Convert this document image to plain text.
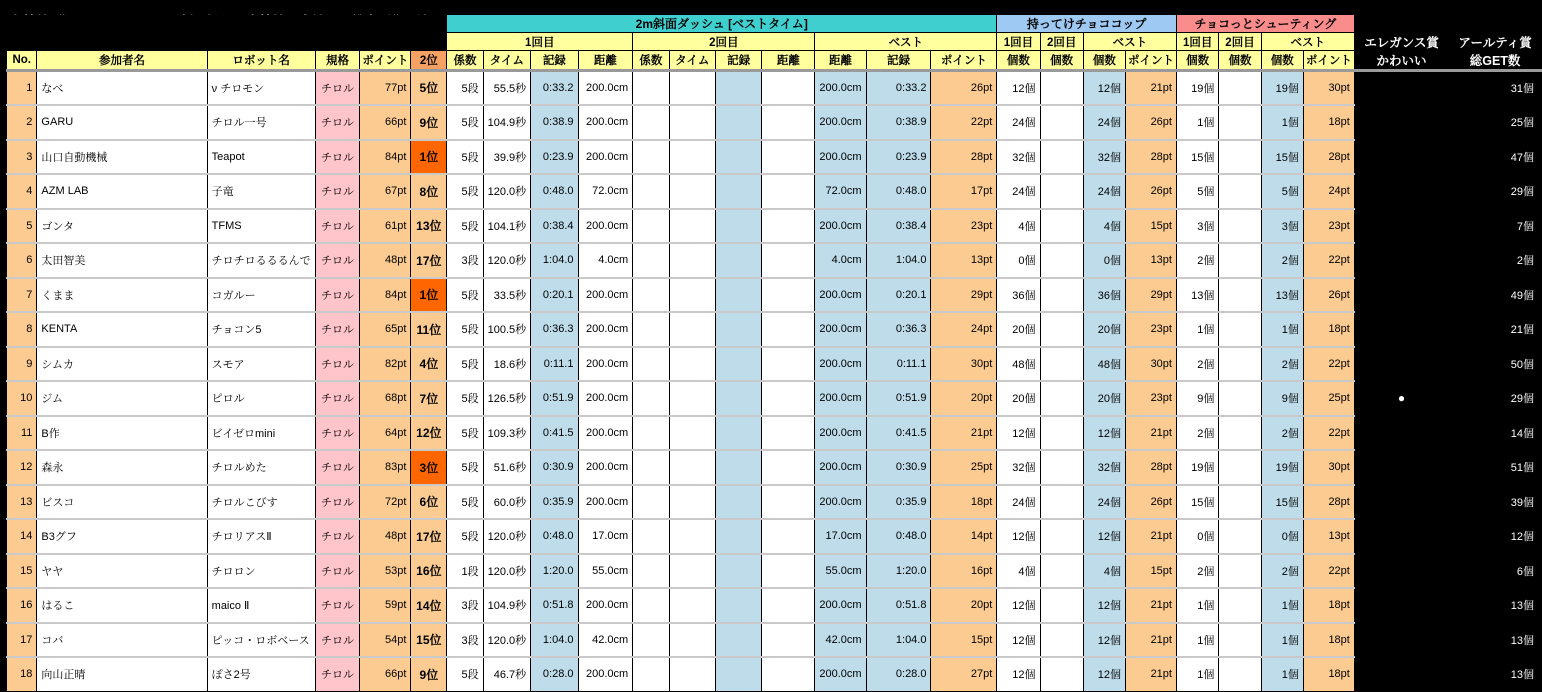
						2m斜面ダッシュ [ベストタイム]											持ってけチョココップ				チョコっとシューティング					
						1回目				2回目				ベスト			1回目	2回目	ベスト		1回目	2回目	ベスト		エレガンス賞	アールティ賞
No.	参加者名	ロボット名	規格	ポイント	2位	係数	タイム	記録	距離	係数	タイム	記録	距離	距離	記録	ポイント	個数	個数	個数	ポイント	個数	個数	個数	ポイント	かわいい	総GET数
1	なべ	ν チロモン	チロル	77pt	5位	5段	55.5秒	0:33.2	200.0cm					200.0cm	0:33.2	26pt	12個		12個	21pt	19個		19個	30pt		31個
2	GARU	チロル一号	チロル	66pt	9位	5段	104.9秒	0:38.9	200.0cm					200.0cm	0:38.9	22pt	24個		24個	26pt	1個		1個	18pt		25個
3	山口自動機械	Teapot	チロル	84pt	1位	5段	39.9秒	0:23.9	200.0cm					200.0cm	0:23.9	28pt	32個		32個	28pt	15個		15個	28pt		47個
4	AZM LAB	子竜	チロル	67pt	8位	5段	120.0秒	0:48.0	72.0cm					72.0cm	0:48.0	17pt	24個		24個	26pt	5個		5個	24pt		29個
5	ゴンタ	TFMS	チロル	61pt	13位	5段	104.1秒	0:38.4	200.0cm					200.0cm	0:38.4	23pt	4個		4個	15pt	3個		3個	23pt		7個
6	太田智美	チロチロるるるんで	チロル	48pt	17位	3段	120.0秒	1:04.0	4.0cm					4.0cm	1:04.0	13pt	0個		0個	13pt	2個		2個	22pt		2個
7	くまま	コガルー	チロル	84pt	1位	5段	33.5秒	0:20.1	200.0cm					200.0cm	0:20.1	29pt	36個		36個	29pt	13個		13個	26pt		49個
8	KENTA	チョコン5	チロル	65pt	11位	5段	100.5秒	0:36.3	200.0cm					200.0cm	0:36.3	24pt	20個		20個	23pt	1個		1個	18pt		21個
9	シムカ	スモア	チロル	82pt	4位	5段	18.6秒	0:11.1	200.0cm					200.0cm	0:11.1	30pt	48個		48個	30pt	2個		2個	22pt		50個
10	ジム	ピロル	チロル	68pt	7位	5段	126.5秒	0:51.9	200.0cm					200.0cm	0:51.9	20pt	20個		20個	23pt	9個		9個	25pt	●	29個
11	B作	ビイゼロmini	チロル	64pt	12位	5段	109.3秒	0:41.5	200.0cm					200.0cm	0:41.5	21pt	12個		12個	21pt	2個		2個	22pt		14個
12	森永	チロルめた	チロル	83pt	3位	5段	51.6秒	0:30.9	200.0cm					200.0cm	0:30.9	25pt	32個		32個	28pt	19個		19個	30pt		51個
13	ビスコ	チロルこびす	チロル	72pt	6位	5段	60.0秒	0:35.9	200.0cm					200.0cm	0:35.9	18pt	24個		24個	26pt	15個		15個	28pt		39個
14	B3グフ	チロリアスⅡ	チロル	48pt	17位	5段	120.0秒	0:48.0	17.0cm					17.0cm	0:48.0	14pt	12個		12個	21pt	0個		0個	13pt		12個
15	ヤヤ	チロロン	チロル	53pt	16位	1段	120.0秒	1:20.0	55.0cm					55.0cm	1:20.0	16pt	4個		4個	15pt	2個		2個	22pt		6個
16	はるこ	maico Ⅱ	チロル	59pt	14位	3段	104.9秒	0:51.8	200.0cm					200.0cm	0:51.8	20pt	12個		12個	21pt	1個		1個	18pt		13個
17	コバ	ピッコ・ロボベース	チロル	54pt	15位	3段	120.0秒	1:04.0	42.0cm					42.0cm	1:04.0	15pt	12個		12個	21pt	1個		1個	18pt		13個
18	向山正晴	ぽさ2号	チロル	66pt	9位	5段	46.7秒	0:28.0	200.0cm					200.0cm	0:28.0	27pt	12個		12個	21pt	1個		1個	18pt		13個
